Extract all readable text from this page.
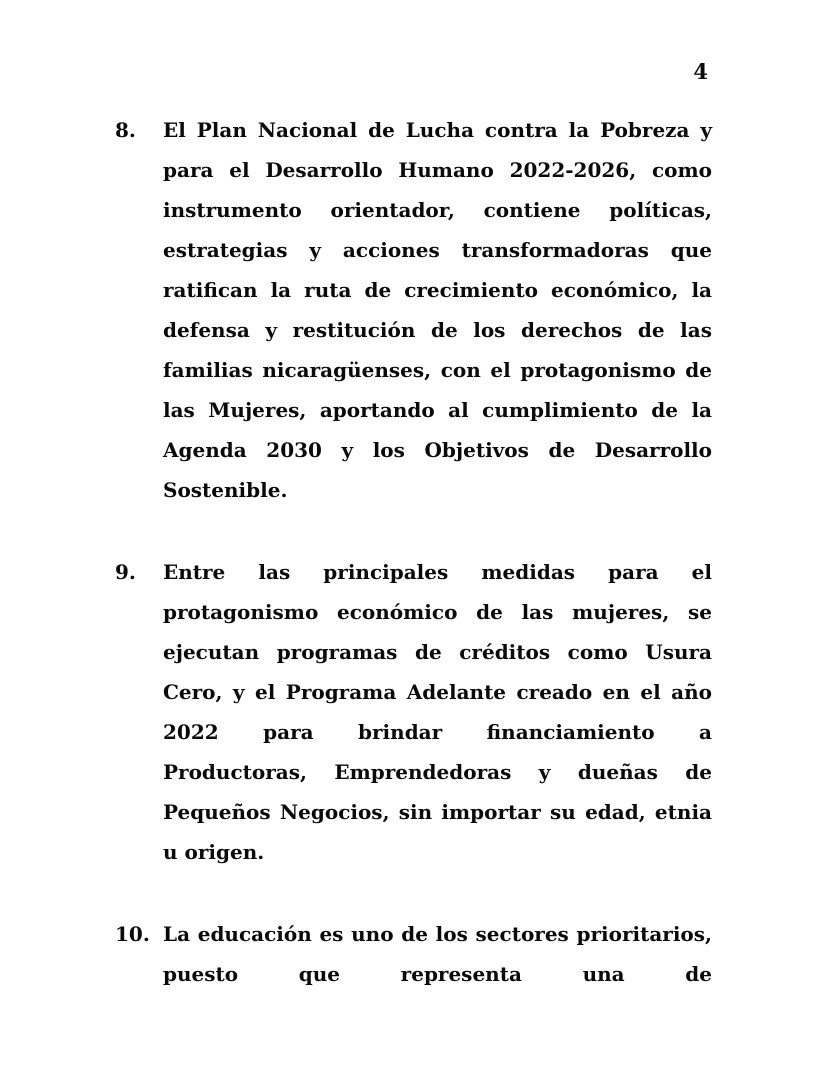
4
8.	El Plan Nacional de Lucha contra la Pobreza y para el Desarrollo Humano 2022-2026, como instrumento orientador, contiene políticas, estrategias y acciones transformadoras que ratifican la ruta de crecimiento económico, la defensa y restitución de los derechos de las familias nicaragüenses, con el protagonismo de las Mujeres, aportando al cumplimiento de la Agenda 2030 y los Objetivos de Desarrollo Sostenible.
9.	Entre las principales medidas para el protagonismo económico de las mujeres, se ejecutan programas de créditos como Usura Cero, y el Programa Adelante creado en el año 2022 para brindar financiamiento a Productoras, Emprendedoras y dueñas de Pequeños Negocios, sin importar su edad, etnia u origen.
10. La educación es uno de los sectores prioritarios, puesto que representa una de
